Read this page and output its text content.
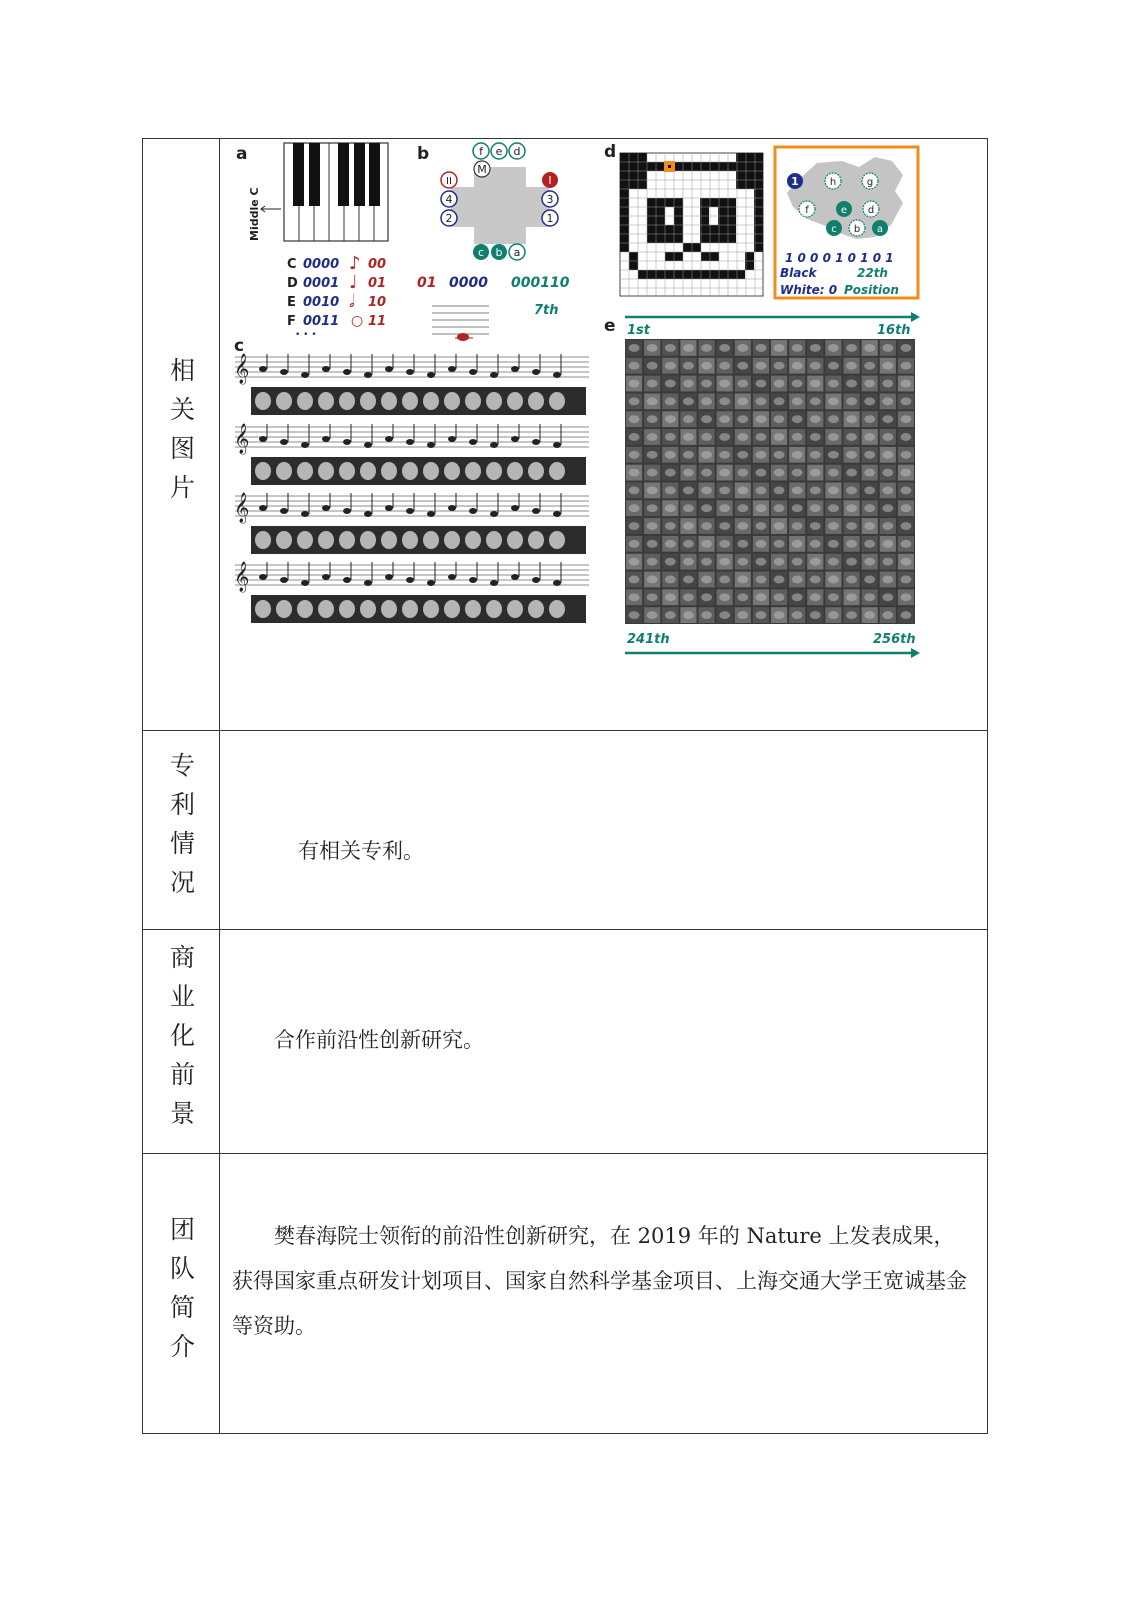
相关图片
a
Middle C
C 0000 ♪ 00
D 0001 ♩ 01
E 0010 𝅗𝅥 10
F 0011 ○ 11
• • •
b	f e d
M
II
4
2
I
3
1
c b a
01 0000 000110
7th
d
1	h	g
f	e d
c b a
1 0 0 0 1 0 1 0 1
Black	22th
White: 0 Position
e 1st	16th
241th	256th
c
𝄞
𝄞
𝄞
𝄞
专利情况	有相关专利。

商业化前景	合作前沿性创新研究。

团队简介	樊春海院士领衔的前沿性创新研究，在 2019 年的 Nature 上发表成果，获得国家重点研发计划项目、国家自然科学基金项目、上海交通大学王宽诚基金等资助。
